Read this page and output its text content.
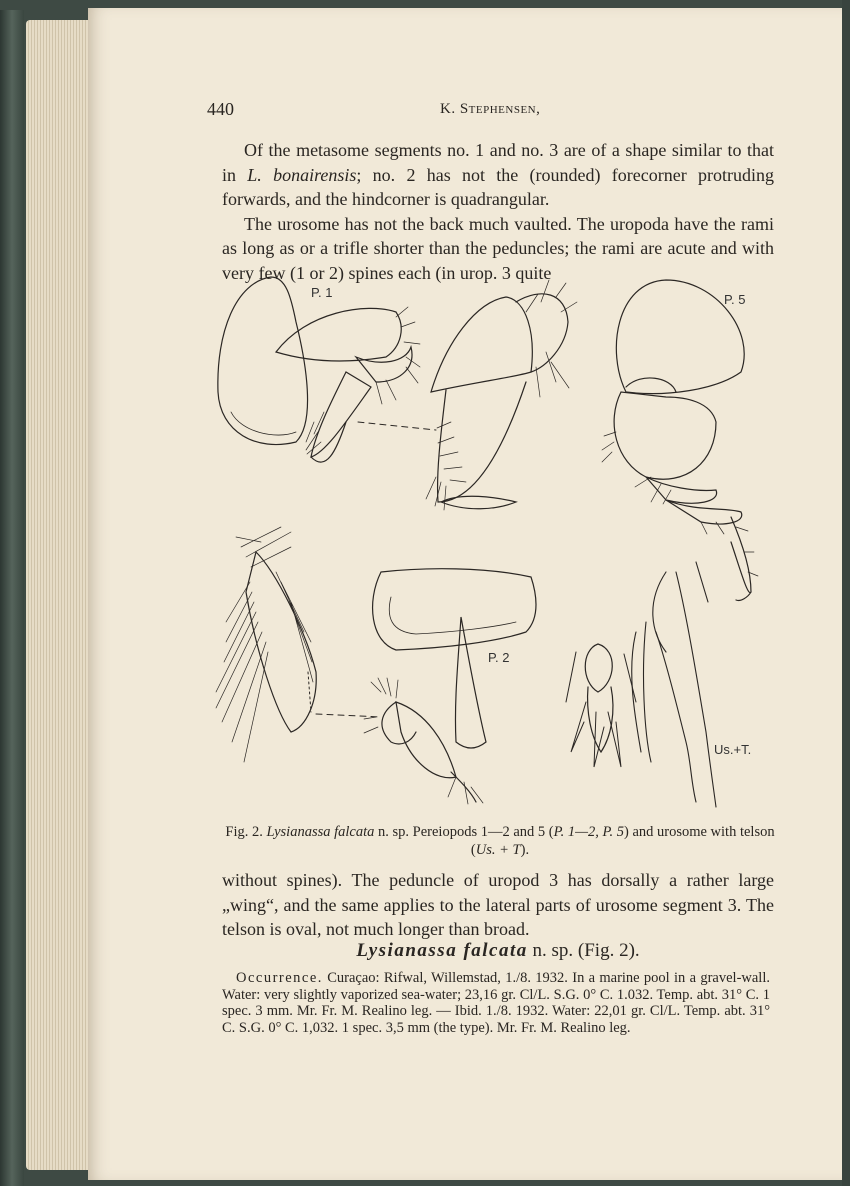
440	K. Stephensen,

Of the metasome segments no. 1 and no. 3 are of a shape similar to that in L. bonairensis; no. 2 has not the (rounded) forecorner protruding forwards, and the hindcorner is quadrangular.

The urosome has not the back much vaulted. The uropoda have the rami as long as or a trifle shorter than the peduncles; the rami are acute and with very few (1 or 2) spines each (in urop. 3 quite

P. 1	P. 5
P. 2
Us.+T.
Fig. 2. Lysianassa falcata n. sp. Pereiopods 1—2 and 5 (P. 1—2, P. 5) and urosome with telson (Us. + T).

without spines). The peduncle of uropod 3 has dorsally a rather large „wing“, and the same applies to the lateral parts of urosome segment 3. The telson is oval, not much longer than broad.

Lysianassa falcata n. sp. (Fig. 2).
Occurrence. Curaçao: Rifwal, Willemstad, 1./8. 1932. In a marine pool in a gravel-wall. Water: very slightly vaporized sea-water; 23,16 gr. Cl/L. S.G. 0° C. 1.032. Temp. abt. 31° C. 1 spec. 3 mm. Mr. Fr. M. Realino leg. — Ibid. 1./8. 1932. Water: 22,01 gr. Cl/L. Temp. abt. 31° C. S.G. 0° C. 1,032. 1 spec. 3,5 mm (the type). Mr. Fr. M. Realino leg.
